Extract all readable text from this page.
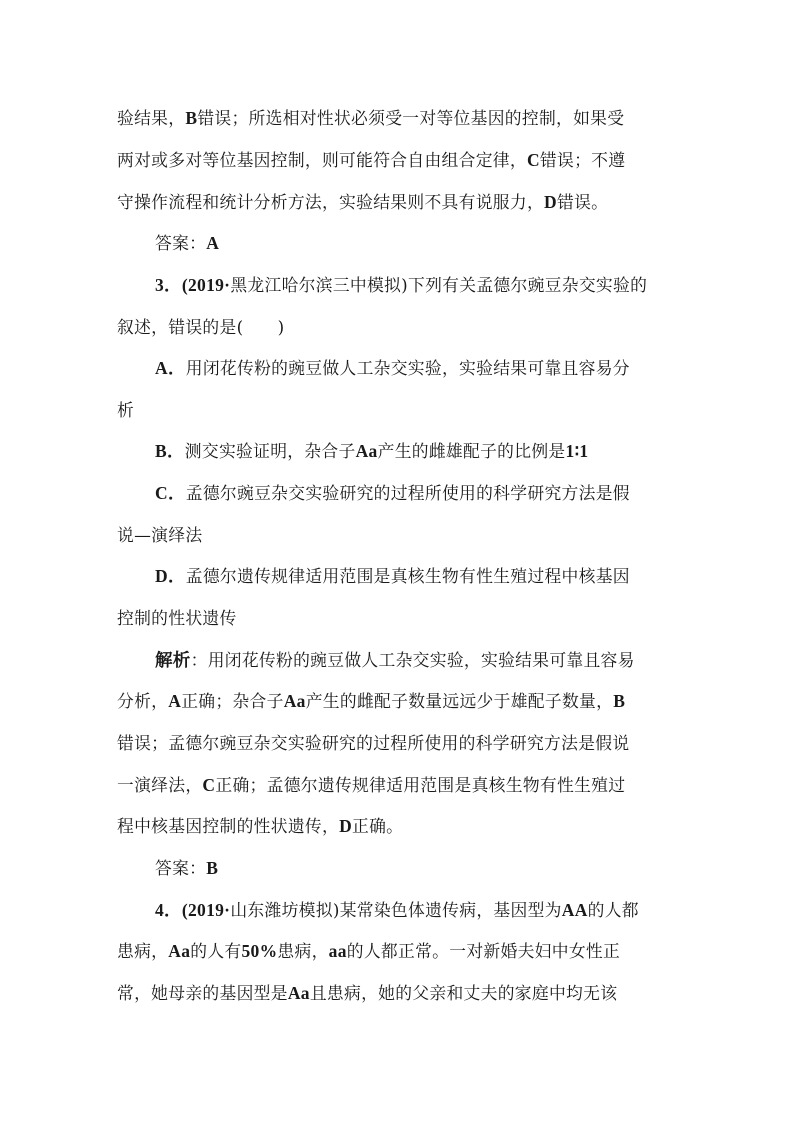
验结果，B错误；所选相对性状必须受一对等位基因的控制，如果受
两对或多对等位基因控制，则可能符合自由组合定律，C错误；不遵
守操作流程和统计分析方法，实验结果则不具有说服力，D错误。
答案：A
3．(2019·黑龙江哈尔滨三中模拟)下列有关孟德尔豌豆杂交实验的
叙述，错误的是(　　)
A．用闭花传粉的豌豆做人工杂交实验，实验结果可靠且容易分
析
B．测交实验证明，杂合子Aa产生的雌雄配子的比例是1∶1
C．孟德尔豌豆杂交实验研究的过程所使用的科学研究方法是假
说—演绎法
D．孟德尔遗传规律适用范围是真核生物有性生殖过程中核基因
控制的性状遗传
解析：用闭花传粉的豌豆做人工杂交实验，实验结果可靠且容易
分析，A正确；杂合子Aa产生的雌配子数量远远少于雄配子数量，B
错误；孟德尔豌豆杂交实验研究的过程所使用的科学研究方法是假说
一演绎法，C正确；孟德尔遗传规律适用范围是真核生物有性生殖过
程中核基因控制的性状遗传，D正确。
答案：B
4．(2019·山东潍坊模拟)某常染色体遗传病，基因型为AA的人都
患病，Aa的人有50%患病，aa的人都正常。一对新婚夫妇中女性正
常，她母亲的基因型是Aa且患病，她的父亲和丈夫的家庭中均无该
